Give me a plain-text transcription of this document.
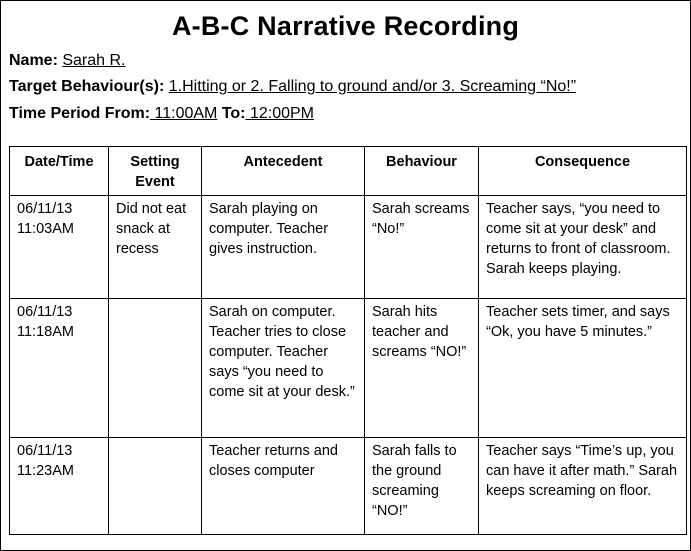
A-B-C Narrative Recording
Name: Sarah R.
Target Behaviour(s): 1.Hitting or 2. Falling to ground and/or 3. Screaming “No!”
Time Period From: 11:00AM To: 12:00PM
Date/Time	Setting Event	Antecedent	Behaviour	Consequence

06/11/13
11:03AM	Did not eat snack at recess	Sarah playing on computer. Teacher gives instruction.	Sarah screams “No!”	Teacher says, “you need to come sit at your desk” and returns to front of classroom. Sarah keeps playing.

06/11/13
11:18AM		Sarah on computer. Teacher tries to close computer. Teacher says “you need to come sit at your desk.”	Sarah hits teacher and screams “NO!”	Teacher sets timer, and says “Ok, you have 5 minutes.”

06/11/13
11:23AM		Teacher returns and closes computer	Sarah falls to the ground screaming “NO!”	Teacher says “Time’s up, you can have it after math.” Sarah keeps screaming on floor.
